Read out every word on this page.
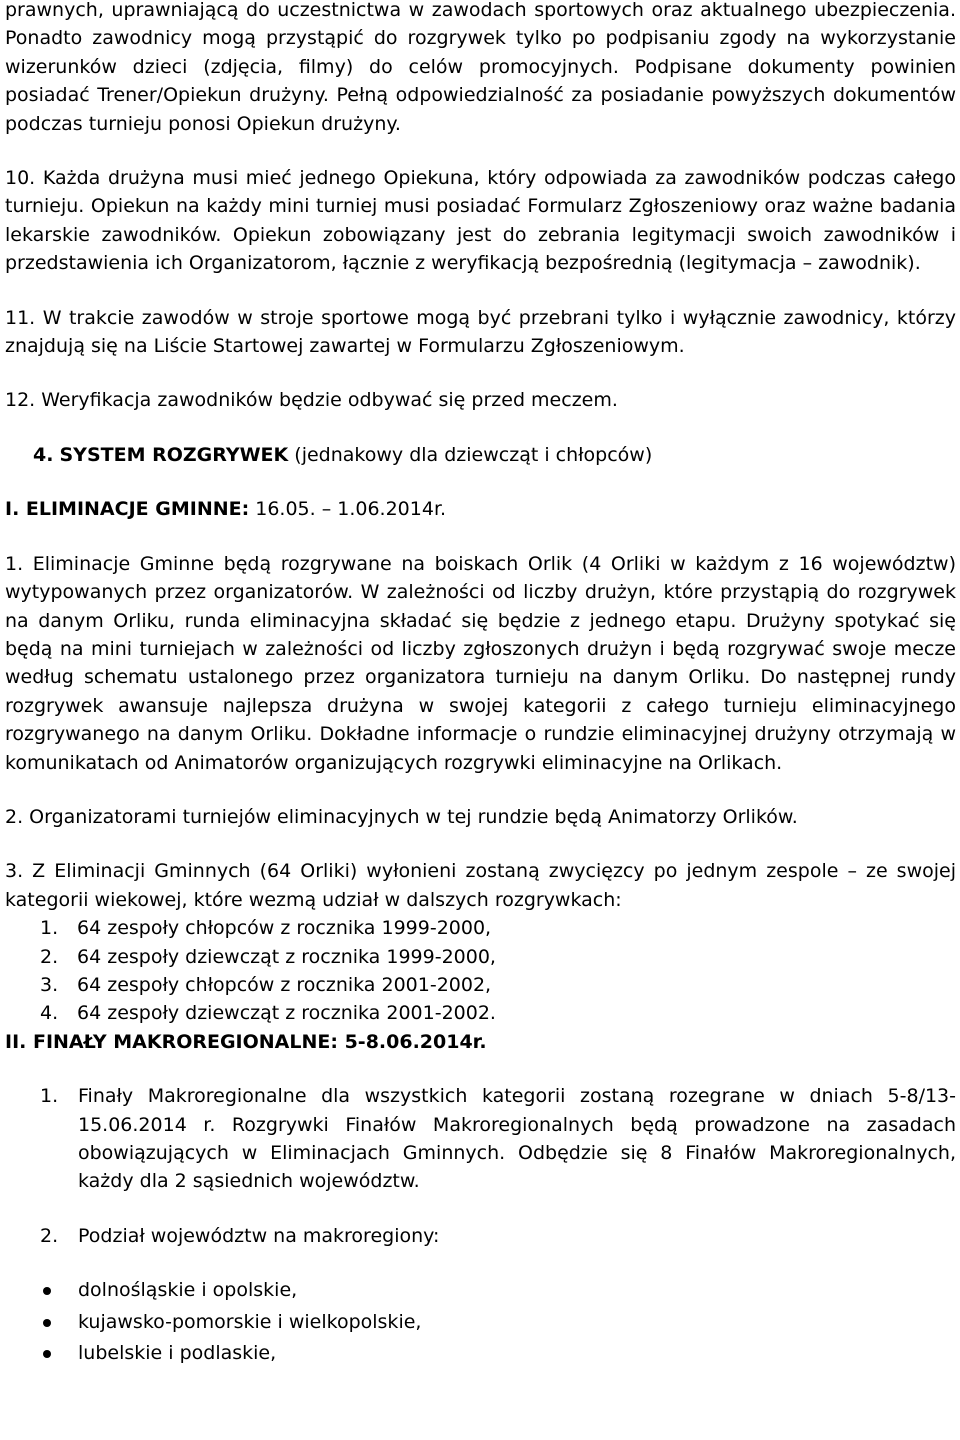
prawnych, uprawniającą do uczestnictwa w zawodach sportowych oraz aktualnego ubezpieczenia. Ponadto zawodnicy mogą przystąpić do rozgrywek tylko po podpisaniu zgody na wykorzystanie wizerunków dzieci (zdjęcia, filmy) do celów promocyjnych. Podpisane dokumenty powinien posiadać Trener/Opiekun drużyny. Pełną odpowiedzialność za posiadanie powyższych dokumentów podczas turnieju ponosi Opiekun drużyny.

10. Każda drużyna musi mieć jednego Opiekuna, który odpowiada za zawodników podczas całego turnieju. Opiekun na każdy mini turniej musi posiadać Formularz Zgłoszeniowy oraz ważne badania lekarskie zawodników. Opiekun zobowiązany jest do zebrania legitymacji swoich zawodników i przedstawienia ich Organizatorom, łącznie z weryfikacją bezpośrednią (legitymacja – zawodnik).

11. W trakcie zawodów w stroje sportowe mogą być przebrani tylko i wyłącznie zawodnicy, którzy znajdują się na Liście Startowej zawartej w Formularzu Zgłoszeniowym.

12. Weryfikacja zawodników będzie odbywać się przed meczem.

4. SYSTEM ROZGRYWEK (jednakowy dla dziewcząt i chłopców)

I. ELIMINACJE GMINNE: 16.05. – 1.06.2014r.

1. Eliminacje Gminne będą rozgrywane na boiskach Orlik (4 Orliki w każdym z 16 województw) wytypowanych przez organizatorów. W zależności od liczby drużyn, które przystąpią do rozgrywek na danym Orliku, runda eliminacyjna składać się będzie z jednego etapu. Drużyny spotykać się będą na mini turniejach w zależności od liczby zgłoszonych drużyn i będą rozgrywać swoje mecze według schematu ustalonego przez organizatora turnieju na danym Orliku. Do następnej rundy rozgrywek awansuje najlepsza drużyna w swojej kategorii z całego turnieju eliminacyjnego rozgrywanego na danym Orliku. Dokładne informacje o rundzie eliminacyjnej drużyny otrzymają w komunikatach od Animatorów organizujących rozgrywki eliminacyjne na Orlikach.

2. Organizatorami turniejów eliminacyjnych w tej rundzie będą Animatorzy Orlików.

3. Z Eliminacji Gminnych (64 Orliki) wyłonieni zostaną zwycięzcy po jednym zespole – ze swojej kategorii wiekowej, które wezmą udział w dalszych rozgrywkach:

1. 64 zespoły chłopców z rocznika 1999-2000,
2. 64 zespoły dziewcząt z rocznika 1999-2000,
3. 64 zespoły chłopców z rocznika 2001-2002,
4. 64 zespoły dziewcząt z rocznika 2001-2002.

II. FINAŁY MAKROREGIONALNE: 5-8.06.2014r.

1. Finały Makroregionalne dla wszystkich kategorii zostaną rozegrane w dniach 5-8/13-15.06.2014 r. Rozgrywki Finałów Makroregionalnych będą prowadzone na zasadach obowiązujących w Eliminacjach Gminnych. Odbędzie się 8 Finałów Makroregionalnych, każdy dla 2 sąsiednich województw.

2. Podział województw na makroregiony:

dolnośląskie i opolskie,
kujawsko-pomorskie i wielkopolskie,
lubelskie i podlaskie,
